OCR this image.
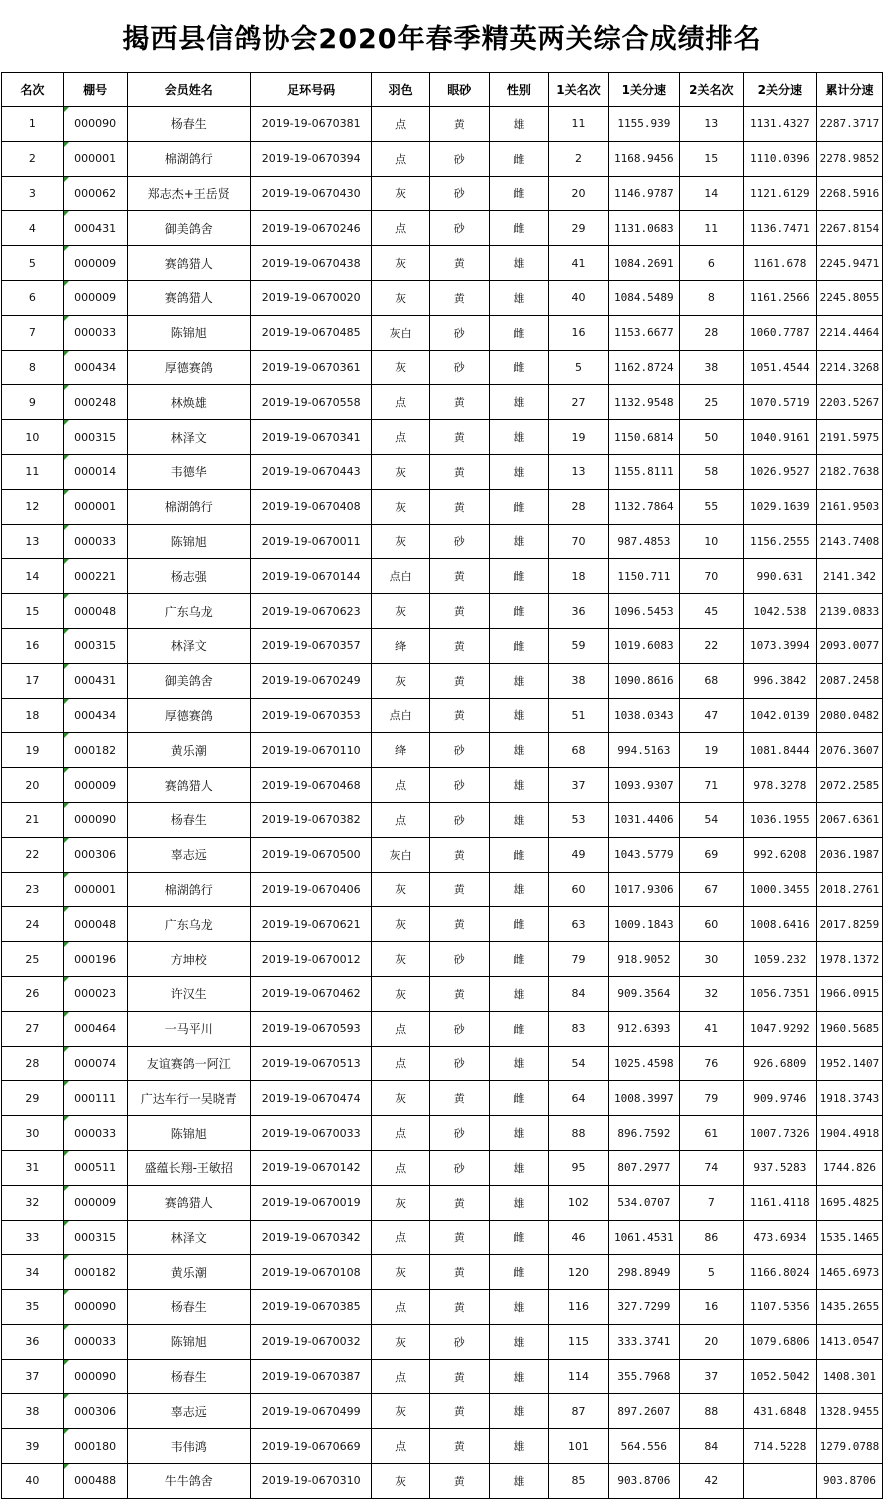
揭西县信鸽协会2020年春季精英两关综合成绩排名
名次	棚号	会员姓名	足环号码	羽色	眼砂	性别	1关名次	1关分速	2关名次	2关分速	累计分速
1	000090	杨春生	2019-19-0670381	点	黄	雄	11	1155.939	13	1131.4327	2287.3717
2	000001	棉湖鸽行	2019-19-0670394	点	砂	雌	2	1168.9456	15	1110.0396	2278.9852
3	000062	郑志杰+王岳贤	2019-19-0670430	灰	砂	雌	20	1146.9787	14	1121.6129	2268.5916
4	000431	御美鸽舍	2019-19-0670246	点	砂	雌	29	1131.0683	11	1136.7471	2267.8154
5	000009	赛鸽猎人	2019-19-0670438	灰	黄	雄	41	1084.2691	6	1161.678	2245.9471
6	000009	赛鸽猎人	2019-19-0670020	灰	黄	雄	40	1084.5489	8	1161.2566	2245.8055
7	000033	陈锦旭	2019-19-0670485	灰白	砂	雌	16	1153.6677	28	1060.7787	2214.4464
8	000434	厚德赛鸽	2019-19-0670361	灰	砂	雌	5	1162.8724	38	1051.4544	2214.3268
9	000248	林焕雄	2019-19-0670558	点	黄	雄	27	1132.9548	25	1070.5719	2203.5267
10	000315	林泽文	2019-19-0670341	点	黄	雄	19	1150.6814	50	1040.9161	2191.5975
11	000014	韦德华	2019-19-0670443	灰	黄	雄	13	1155.8111	58	1026.9527	2182.7638
12	000001	棉湖鸽行	2019-19-0670408	灰	黄	雌	28	1132.7864	55	1029.1639	2161.9503
13	000033	陈锦旭	2019-19-0670011	灰	砂	雄	70	987.4853	10	1156.2555	2143.7408
14	000221	杨志强	2019-19-0670144	点白	黄	雌	18	1150.711	70	990.631	2141.342
15	000048	广东乌龙	2019-19-0670623	灰	黄	雌	36	1096.5453	45	1042.538	2139.0833
16	000315	林泽文	2019-19-0670357	绛	黄	雌	59	1019.6083	22	1073.3994	2093.0077
17	000431	御美鸽舍	2019-19-0670249	灰	黄	雄	38	1090.8616	68	996.3842	2087.2458
18	000434	厚德赛鸽	2019-19-0670353	点白	黄	雄	51	1038.0343	47	1042.0139	2080.0482
19	000182	黄乐潮	2019-19-0670110	绛	砂	雄	68	994.5163	19	1081.8444	2076.3607
20	000009	赛鸽猎人	2019-19-0670468	点	砂	雄	37	1093.9307	71	978.3278	2072.2585
21	000090	杨春生	2019-19-0670382	点	砂	雄	53	1031.4406	54	1036.1955	2067.6361
22	000306	辜志远	2019-19-0670500	灰白	黄	雌	49	1043.5779	69	992.6208	2036.1987
23	000001	棉湖鸽行	2019-19-0670406	灰	黄	雄	60	1017.9306	67	1000.3455	2018.2761
24	000048	广东乌龙	2019-19-0670621	灰	黄	雌	63	1009.1843	60	1008.6416	2017.8259
25	000196	方坤校	2019-19-0670012	灰	砂	雌	79	918.9052	30	1059.232	1978.1372
26	000023	许汉生	2019-19-0670462	灰	黄	雄	84	909.3564	32	1056.7351	1966.0915
27	000464	一马平川	2019-19-0670593	点	砂	雌	83	912.6393	41	1047.9292	1960.5685
28	000074	友谊赛鸽一阿江	2019-19-0670513	点	砂	雄	54	1025.4598	76	926.6809	1952.1407
29	000111	广达车行一吴晓青	2019-19-0670474	灰	黄	雌	64	1008.3997	79	909.9746	1918.3743
30	000033	陈锦旭	2019-19-0670033	点	砂	雄	88	896.7592	61	1007.7326	1904.4918
31	000511	盛蕴长翔-王敏招	2019-19-0670142	点	砂	雄	95	807.2977	74	937.5283	1744.826
32	000009	赛鸽猎人	2019-19-0670019	灰	黄	雄	102	534.0707	7	1161.4118	1695.4825
33	000315	林泽文	2019-19-0670342	点	黄	雌	46	1061.4531	86	473.6934	1535.1465
34	000182	黄乐潮	2019-19-0670108	灰	黄	雌	120	298.8949	5	1166.8024	1465.6973
35	000090	杨春生	2019-19-0670385	点	黄	雄	116	327.7299	16	1107.5356	1435.2655
36	000033	陈锦旭	2019-19-0670032	灰	砂	雄	115	333.3741	20	1079.6806	1413.0547
37	000090	杨春生	2019-19-0670387	点	黄	雄	114	355.7968	37	1052.5042	1408.301
38	000306	辜志远	2019-19-0670499	灰	黄	雄	87	897.2607	88	431.6848	1328.9455
39	000180	韦伟鸿	2019-19-0670669	点	黄	雄	101	564.556	84	714.5228	1279.0788
40	000488	牛牛鸽舍	2019-19-0670310	灰	黄	雄	85	903.8706	42		903.8706
